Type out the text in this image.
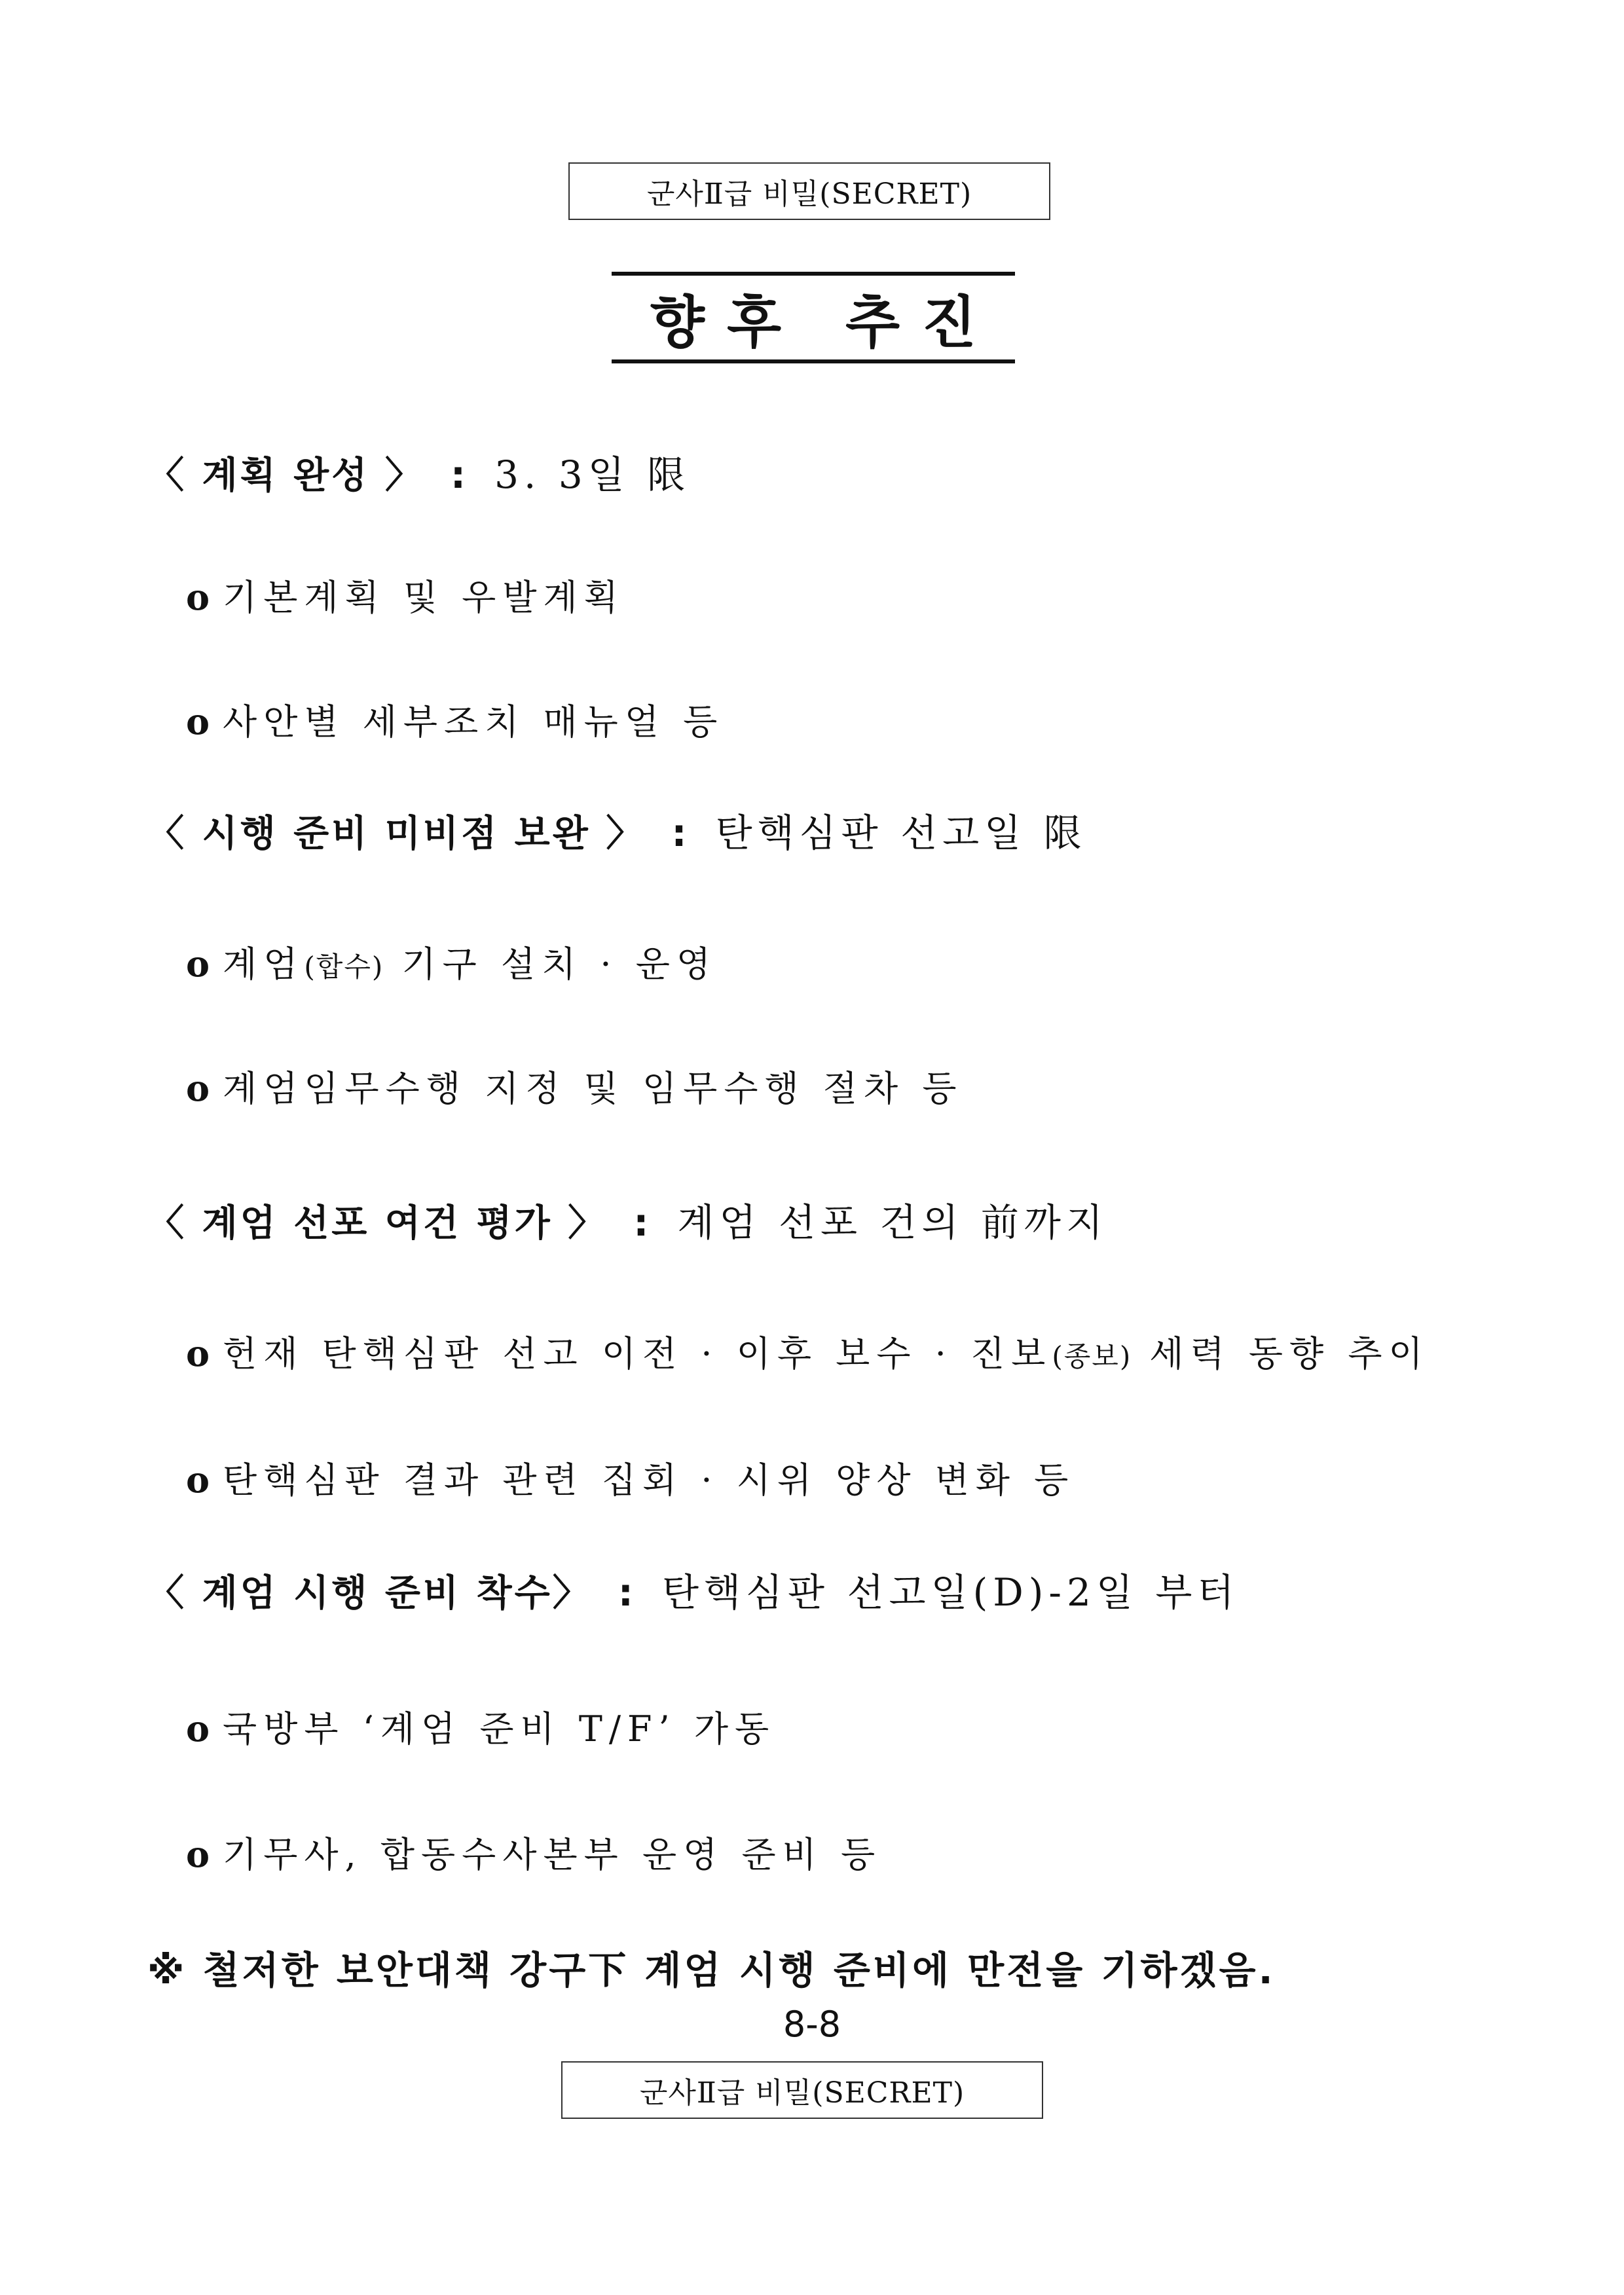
군사Ⅱ급 비밀(SECRET)
향후 추진
〈 계획 완성 〉 : 3. 3일 限
o 기본계획 및 우발계획
o 사안별 세부조치 매뉴얼 등
〈 시행 준비 미비점 보완 〉 : 탄핵심판 선고일 限
o 계엄 (합수) 기구 설치 · 운영
o 계엄임무수행 지정 및 임무수행 절차 등
〈 계엄 선포 여건 평가 〉 : 계엄 선포 건의 前까지
o 헌재 탄핵심판 선고 이전 · 이후 보수 · 진보 (종보) 세력 동향 추이
o 탄핵심판 결과 관련 집회 · 시위 양상 변화 등
〈 계엄 시행 준비 착수〉 : 탄핵심판 선고일(D)-2일 부터
o 국방부 ‘계엄 준비 T/F’ 가동
o 기무사, 합동수사본부 운영 준비 등
※ 철저한 보안대책 강구下 계엄 시행 준비에 만전을 기하겠음.
8-8
군사Ⅱ급 비밀(SECRET)
